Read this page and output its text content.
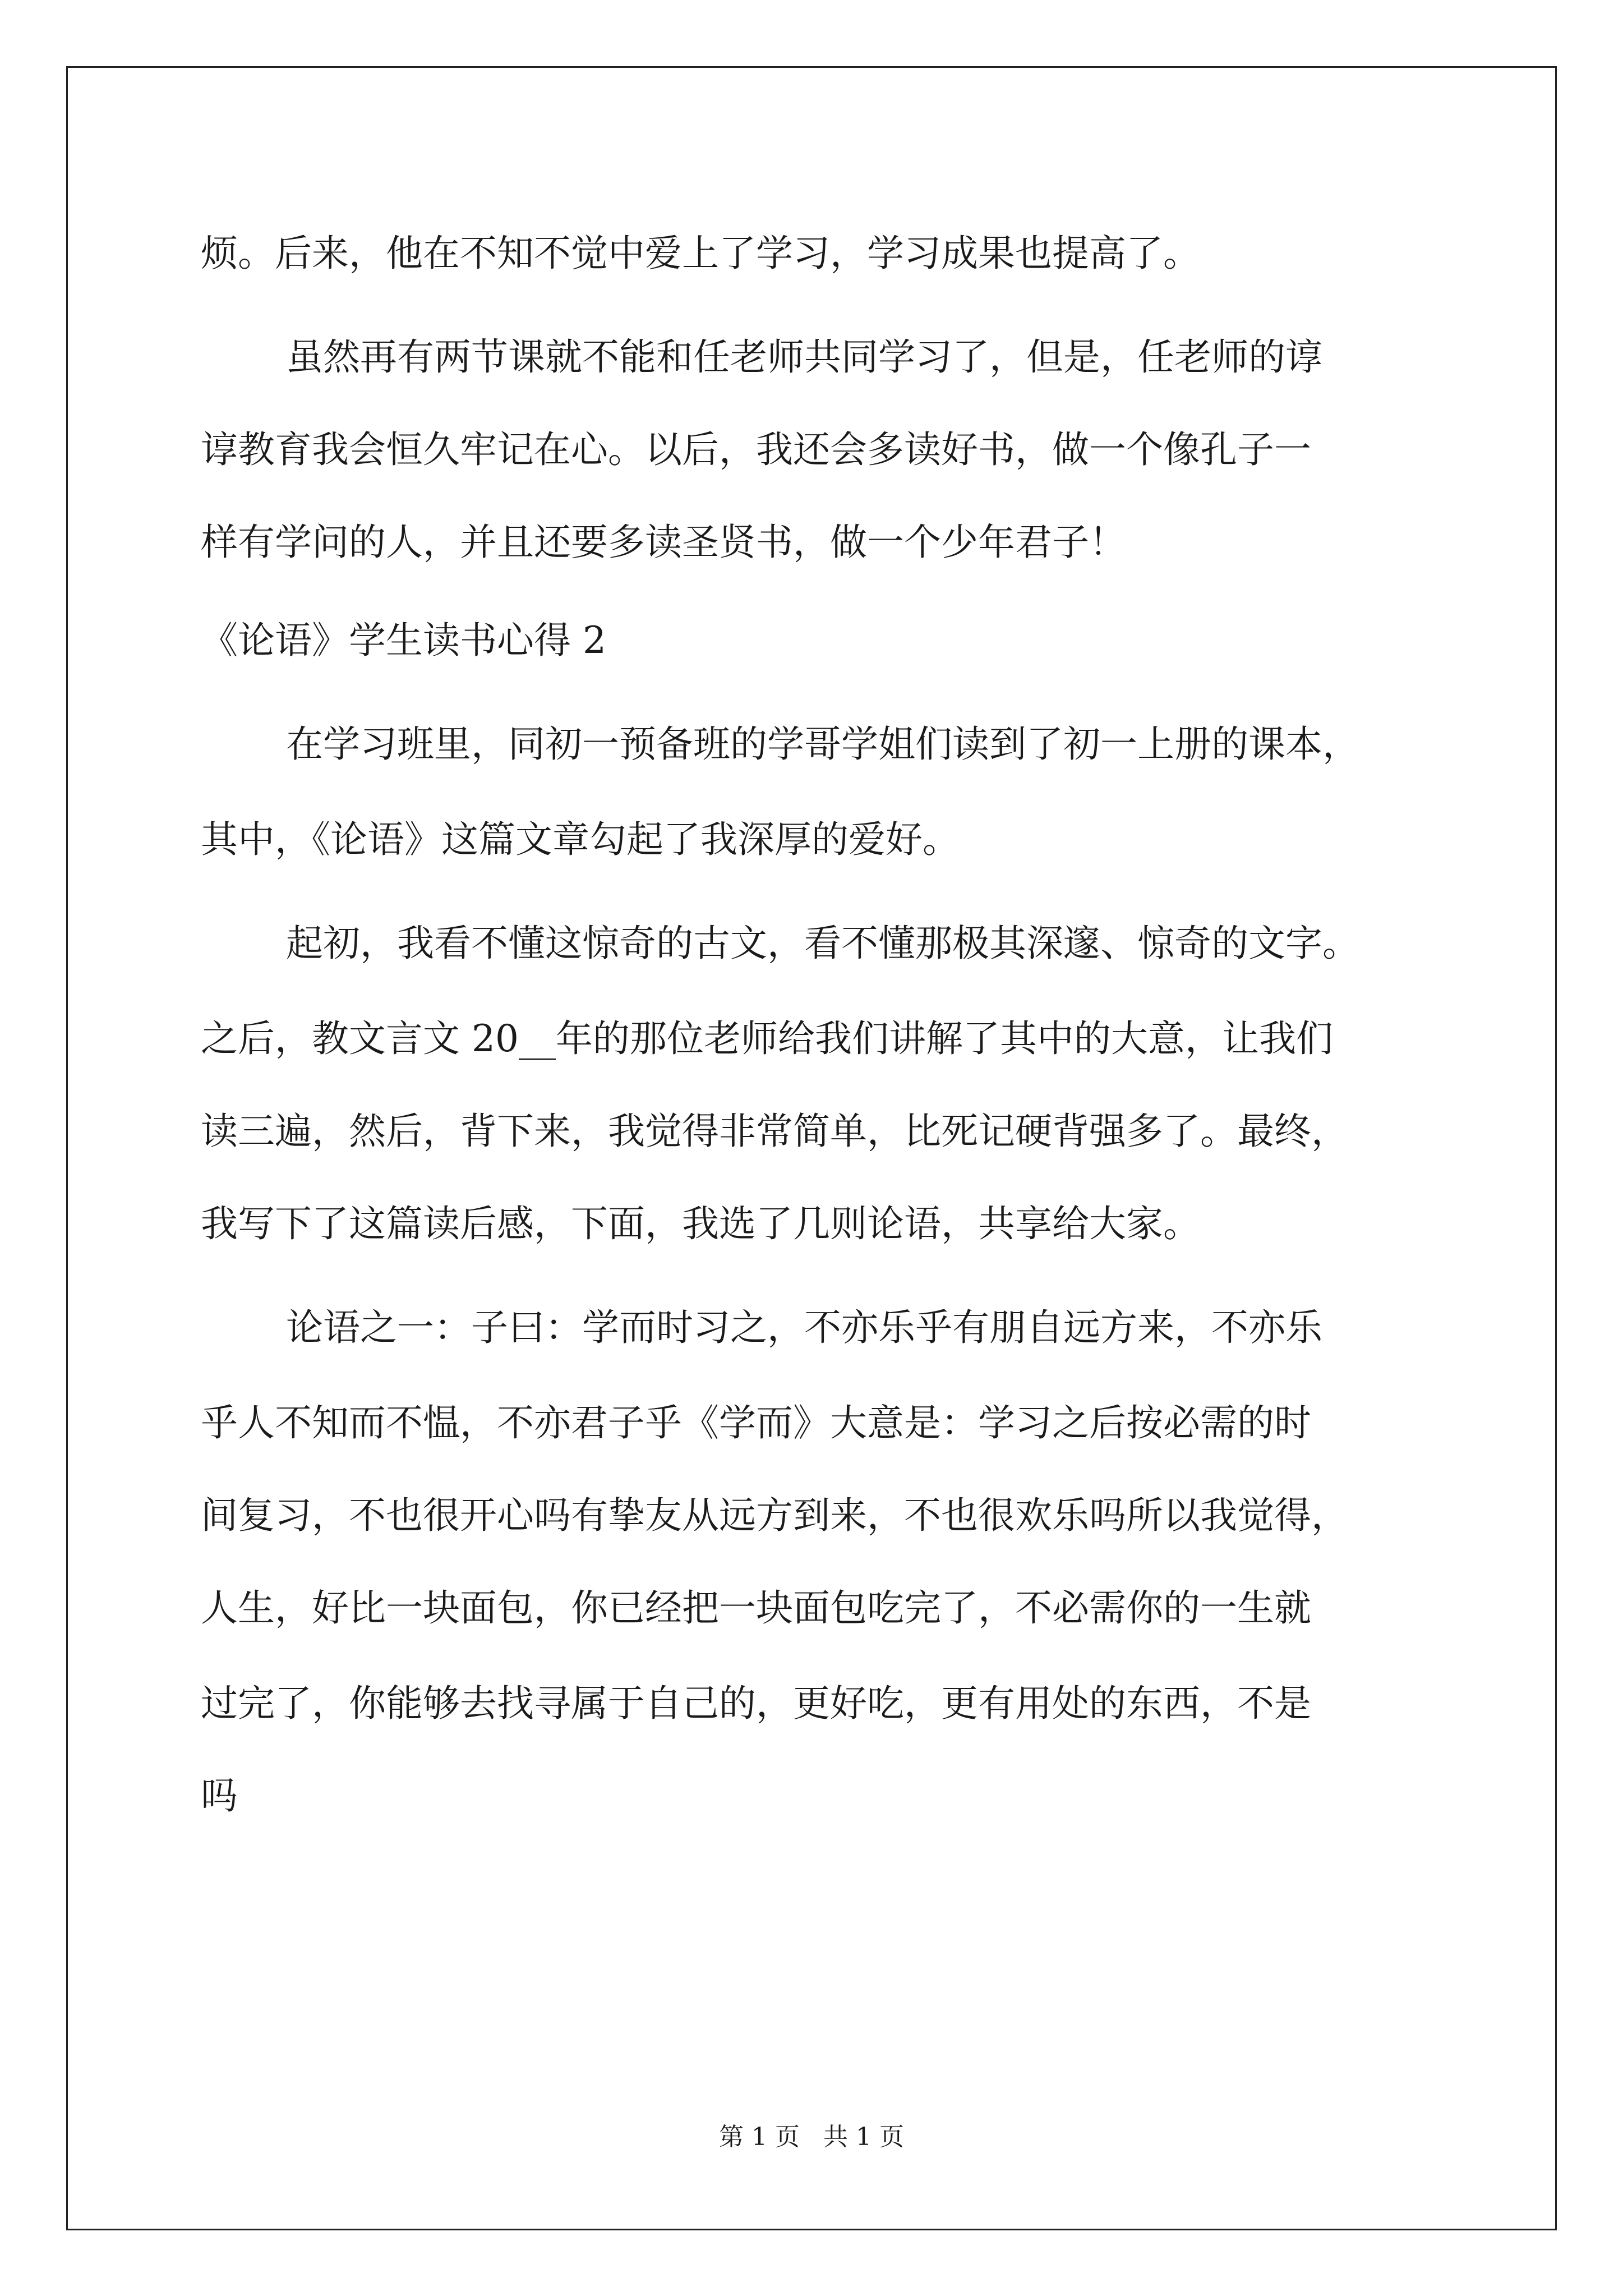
烦。后来，他在不知不觉中爱上了学习，学习成果也提高了。

虽然再有两节课就不能和任老师共同学习了，但是，任老师的谆

谆教育我会恒久牢记在心。以后，我还会多读好书，做一个像孔子一

样有学问的人，并且还要多读圣贤书，做一个少年君子！

《论语》学生读书心得 2

在学习班里，同初一预备班的学哥学姐们读到了初一上册的课本，

其中，《论语》这篇文章勾起了我深厚的爱好。

起初，我看不懂这惊奇的古文，看不懂那极其深邃、惊奇的文字。

之后，教文言文 20__年的那位老师给我们讲解了其中的大意，让我们

读三遍，然后，背下来，我觉得非常简单，比死记硬背强多了。最终，

我写下了这篇读后感，下面，我选了几则论语，共享给大家。

论语之一：子曰：学而时习之，不亦乐乎有朋自远方来，不亦乐

乎人不知而不愠，不亦君子乎《学而》大意是：学习之后按必需的时

间复习，不也很开心吗有挚友从远方到来，不也很欢乐吗所以我觉得，

人生，好比一块面包，你已经把一块面包吃完了，不必需你的一生就

过完了，你能够去找寻属于自己的，更好吃，更有用处的东西，不是

吗

第 1 页   共 1 页
